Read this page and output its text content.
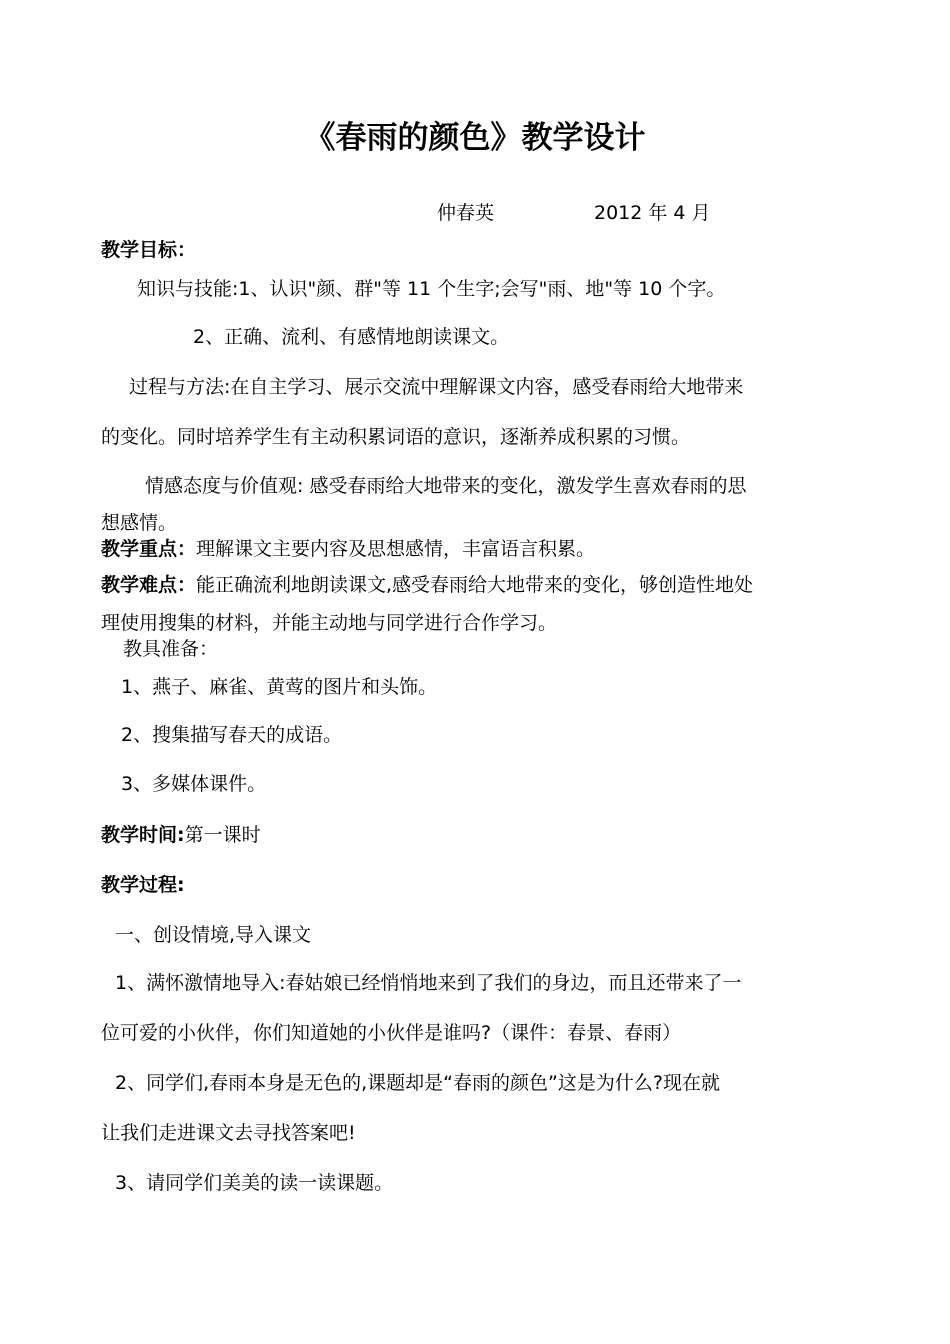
《春雨的颜色》教学设计
仲春英	2012 年 4 月
教学目标：
知识与技能:1、认识"颜、群"等 11 个生字;会写"雨、地"等 10 个字。
2、正确、流利、有感情地朗读课文。
过程与方法:在自主学习、展示交流中理解课文内容，感受春雨给大地带来
的变化。同时培养学生有主动积累词语的意识，逐渐养成积累的习惯。
情感态度与价值观: 感受春雨给大地带来的变化，激发学生喜欢春雨的思
想感情。
教学重点：理解课文主要内容及思想感情，丰富语言积累。
教学难点：能正确流利地朗读课文,感受春雨给大地带来的变化，够创造性地处
理使用搜集的材料，并能主动地与同学进行合作学习。
教具准备：
1、燕子、麻雀、黄莺的图片和头饰。
2、搜集描写春天的成语。
3、多媒体课件。
教学时间:第一课时
教学过程:
一、创设情境,导入课文
1、满怀激情地导入:春姑娘已经悄悄地来到了我们的身边，而且还带来了一
位可爱的小伙伴，你们知道她的小伙伴是谁吗?（课件：春景、春雨）
2、同学们,春雨本身是无色的,课题却是“春雨的颜色”这是为什么?现在就
让我们走进课文去寻找答案吧!
3、请同学们美美的读一读课题。
